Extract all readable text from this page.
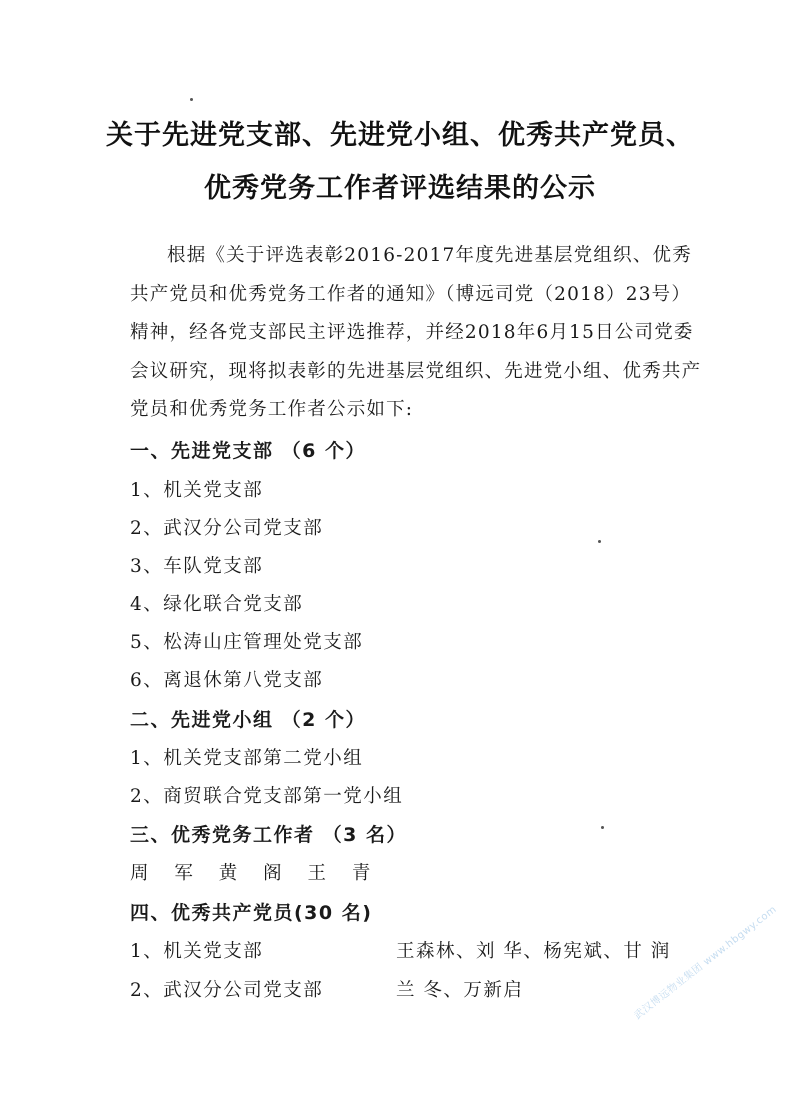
关于先进党支部、先进党小组、优秀共产党员、
优秀党务工作者评选结果的公示

根据《关于评选表彰2016-2017年度先进基层党组织、优秀共产党员和优秀党务工作者的通知》（博远司党（2018）23号）精神，经各党支部民主评选推荐，并经2018年6月15日公司党委会议研究，现将拟表彰的先进基层党组织、先进党小组、优秀共产党员和优秀党务工作者公示如下:

一、先进党支部 （6 个）
1、机关党支部
2、武汉分公司党支部
3、车队党支部
4、绿化联合党支部
5、松涛山庄管理处党支部
6、离退休第八党支部
二、先进党小组 （2 个）
1、机关党支部第二党小组
2、商贸联合党支部第一党小组
三、优秀党务工作者 （3 名）
周 军 黄 阁 王 青
四、优秀共产党员(30 名)
1、机关党支部	王森林、刘 华、杨宪斌、甘 润
2、武汉分公司党支部	兰 冬、万新启	武汉博远物业集团 www.hbgwy.com
